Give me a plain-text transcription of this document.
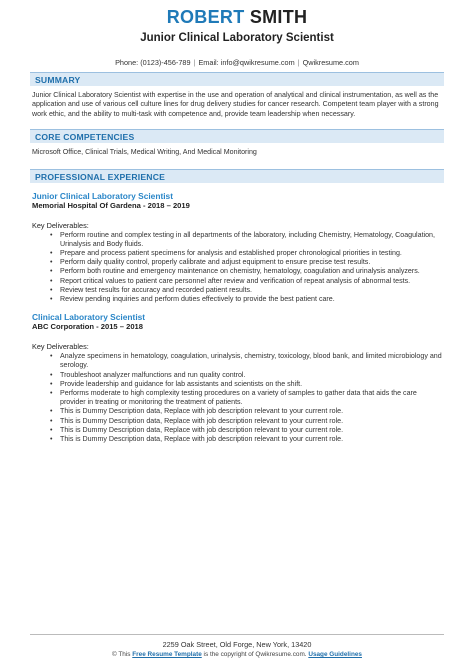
ROBERT SMITH
Junior Clinical Laboratory Scientist
Phone: (0123)-456-789 | Email: info@qwikresume.com | Qwikresume.com
SUMMARY
Junior Clinical Laboratory Scientist with expertise in the use and operation of analytical and clinical instrumentation, as well as the application and use of various cell culture lines for drug delivery studies for cancer research. Competent team player with a strong work ethic, and the ability to multi-task with competence and, provide team leadership when necessary.
CORE COMPETENCIES
Microsoft Office, Clinical Trials, Medical Writing, And Medical Monitoring
PROFESSIONAL EXPERIENCE
Junior Clinical Laboratory Scientist
Memorial Hospital Of Gardena - 2018 – 2019
Key Deliverables:
• Perform routine and complex testing in all departments of the laboratory, including Chemistry, Hematology, Coagulation, Urinalysis and Body fluids.
• Prepare and process patient specimens for analysis and established proper chronological priorities in testing.
• Perform daily quality control, properly calibrate and adjust equipment to ensure precise test results.
• Perform both routine and emergency maintenance on chemistry, hematology, coagulation and urinalysis analyzers.
• Report critical values to patient care personnel after review and verification of repeat analysis of abnormal tests.
• Review test results for accuracy and recorded patient results.
• Review pending inquiries and perform duties effectively to provide the best patient care.
Clinical Laboratory Scientist
ABC Corporation - 2015 – 2018
Key Deliverables:
• Analyze specimens in hematology, coagulation, urinalysis, chemistry, toxicology, blood bank, and limited microbiology and serology.
• Troubleshoot analyzer malfunctions and run quality control.
• Provide leadership and guidance for lab assistants and scientists on the shift.
• Performs moderate to high complexity testing procedures on a variety of samples to gather data that aids the care provider in treating or monitoring the treatment of patients.
• This is Dummy Description data, Replace with job description relevant to your current role.
• This is Dummy Description data, Replace with job description relevant to your current role.
• This is Dummy Description data, Replace with job description relevant to your current role.
• This is Dummy Description data, Replace with job description relevant to your current role.
2259 Oak Street, Old Forge, New York, 13420
© This Free Resume Template is the copyright of Qwikresume.com. Usage Guidelines
